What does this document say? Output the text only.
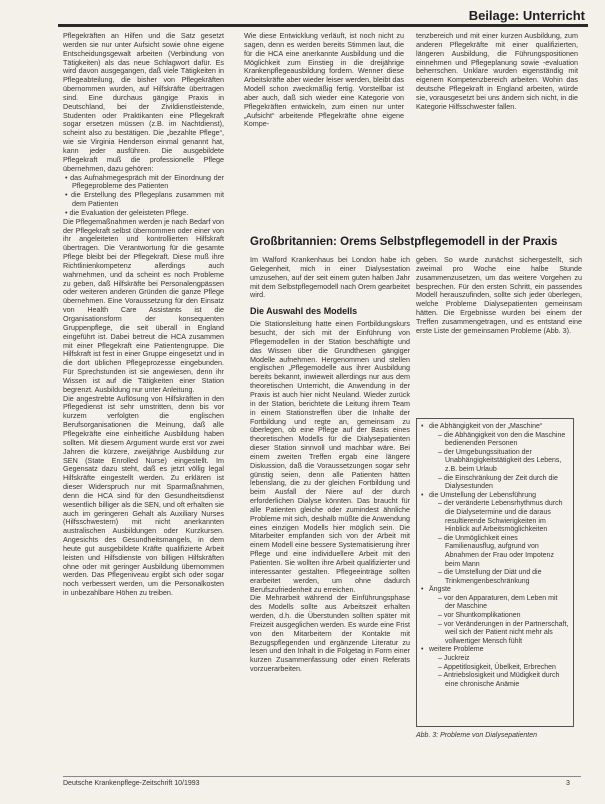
Beilage: Unterricht

Pflegekräften an Hilfen und die Satz gesetzt werden sie nur unter Aufsicht sowie ohne eigene Entscheidungsgewalt arbeiten (Verbindung von Tätigkeiten) als das neue Schlagwort dafür. Es wird davon ausgegangen, daß viele Tätigkeiten in Pflegeabteilung, die bisher von Pflegekräften übernommen wurden, auf Hilfskräfte übertragen sind. Eine durchaus gängige Praxis in Deutschland, bei der Zivildienstleistende, Studenten oder Praktikanten eine Pflegekraft sogar ersetzen müssen (z.B. im Nachtdienst), scheint also zu bestätigen. Die „bezahlte Pflege“, wie sie Virginia Henderson einmal genannt hat, kann jeder ausführen. Die ausgebildete Pflegekraft muß die professionelle Pflege übernehmen, dazu gehören:

• das Aufnahmegespräch mit der Einordnung der Pflegeprobleme des Patienten

• die Erstellung des Pflegeplans zusammen mit dem Patienten

• die Evaluation der geleisteten Pflege.

Die Pflegemaßnahmen werden je nach Bedarf von der Pflegekraft selbst übernommen oder einer von ihr angeleiteten und kontrollierten Hilfskraft übertragen. Die Verantwortung für die gesamte Pflege bleibt bei der Pflegekraft. Diese muß ihre Richtlinienkompetenz allerdings auch wahrnehmen, und da scheint es noch Probleme zu geben, daß Hilfskräfte bei Personalengpässen oder weiteren anderen Gründen die ganze Pflege übernehmen. Eine Voraussetzung für den Einsatz von Health Care Assistants ist die Organisationsform der konsequenten Gruppenpflege, die seit überall in England eingeführt ist. Dabei betreut die HCA zusammen mit einer Pflegekraft eine Patientengruppe. Die Hilfskraft ist fest in einer Gruppe eingesetzt und in die dort üblichen Pflegeprozesse eingebunden. Für Sprechstunden ist sie angewiesen, denn ihr Wissen ist auf die Tätigkeiten einer Station begrenzt. Ausbildung nur unter Anleitung.

Die angestrebte Auflösung von Hilfskräften in den Pflegedienst ist sehr umstritten, denn bis vor kurzem verfolgten die englischen Berufsorganisationen die Meinung, daß alle Pflegekräfte eine einheitliche Ausbildung haben sollten. Mit diesem Argument wurde erst vor zwei Jahren die kürzere, zweijährige Ausbildung zur SEN (State Enrolled Nurse) eingestellt. Im Gegensatz dazu steht, daß es jetzt völlig legal Hilfskräfte eingestellt werden. Zu erklären ist dieser Widerspruch nur mit Sparmaßnahmen, denn die HCA sind für den Gesundheitsdienst wesentlich billiger als die SEN, und oft erhalten sie auch im geringeren Gehalt als Auxiliary Nurses (Hilfsschwestern) mit nicht anerkannten australischen Ausbildungen oder Kurzkursen. Angesichts des Gesundheitsmangels, in dem heute gut ausgebildete Kräfte qualifizierte Arbeit leisten und Hilfsdienste von billigen Hilfskräften ohne oder mit geringer Ausbildung übernommen werden. Das Pflegeniveau ergibt sich oder sogar noch verbessert werden, um die Personalkosten in unbezahlbare Höhen zu treiben.

Wie diese Entwicklung verläuft, ist noch nicht zu sagen, denn es werden bereits Stimmen laut, die für die HCA eine anerkannte Ausbildung und die Möglichkeit zum Einstieg in die dreijährige Krankenpflegeausbildung fordern. Wenner diese Arbeitskräfte aber wieder leiser werden, bleibt das Modell schon zweckmäßig fertig. Vorstellbar ist aber auch, daß sich wieder eine Kategorie von Pflegekräften entwickeln, zum einen nur unter „Aufsicht“ arbeitende Pflegekräfte ohne eigene Kompe-

tenzbereich und mit einer kurzen Ausbildung, zum anderen Pflegekräfte mit einer qualifizierten, längeren Ausbildung, die Führungspositionen einnehmen und Pflegeplanung sowie -evaluation beherrschen. Unklare wurden eigenständig mit eigenem Kompetenzbereich arbeiten. Wohin das deutsche Pflegekraft in England arbeiten, würde sie, vorausgesetzt bei uns ändern sich nicht, in die Kategorie Hilfsschwester fallen.

Großbritannien: Orems Selbstpflegemodell in der Praxis

Im Walford Krankenhaus bei London habe ich Gelegenheit, mich in einer Dialysestation umzusehen, auf der seit einem guten halben Jahr mit dem Selbstpflegemodell nach Orem gearbeitet wird.

Die Auswahl des Modells

Die Stationsleitung hatte einen Fortbildungskurs besucht, der sich mit der Einführung von Pflegemodellen in der Station beschäftigte und das Wissen über die Grundthesen gängiger Modelle aufnehmen. Hergenommen und stellen englischen „Pflegemodelle aus ihrer Ausbildung bereits bekannt, inwieweit allerdings nur aus dem theoretischen Unterricht, die Anwendung in der Praxis ist auch hier nicht Neuland. Wieder zurück in der Station, berichtete die Leitung ihrem Team in einem Stationstreffen über die Inhalte der Fortbildung und regte an, gemeinsam zu überlegen, ob eine Pflege auf der Basis eines theoretischen Modells für die Dialysepatienten dieser Station sinnvoll und machbar wäre. Bei einem zweiten Treffen ergab eine längere Diskussion, daß die Voraussetzungen sogar sehr günstig seien, denn alle Patienten hätten lebenslang, die zu der gleichen Fortbildung und beim Ausfall der Niere auf der durch erforderlichen Dialyse könnten. Das braucht für alle Patienten gleiche oder zumindest ähnliche Probleme mit sich, deshalb müßte die Anwendung eines einzigen Modells hier möglich sein. Die Mitarbeiter empfanden sich von der Arbeit mit einem Modell eine bessere Systematisierung ihrer Pflege und eine individuellere Arbeit mit den Patienten. Sie wollten ihre Arbeit qualifizierter und interessanter gestalten. Pflegeeinträge sollten erarbeitet werden, um ohne dadurch Berufszufriedenheit zu erreichen.

Die Mehrarbeit während der Einführungsphase des Modells sollte aus Arbeitszeit erhalten werden, d.h. die Überstunden sollten später mit Freizeit ausgeglichen werden. Es wurde eine Frist von den Mitarbeitern der Kontakte mit Bezugspflegenden und ergänzende Literatur zu lesen und den Inhalt in die Folgetag in Form einer kurzen Zusammenfassung oder einen Referats vorzuerarbeiten.

geben. So wurde zunächst sichergestellt, sich zweimal pro Woche eine halbe Stunde zusammenzusetzen, um das weitere Vorgehen zu besprechen. Für den ersten Schritt, ein passendes Modell herauszufinden, sollte sich jeder überlegen, welche Probleme Dialysepatienten gemeinsam hätten. Die Ergebnisse wurden bei einem der Treffen zusammengetragen, und es entstand eine erste Liste der gemeinsamen Probleme (Abb. 3).

• die Abhängigkeit von der „Maschine“
– die Abhängigkeit von den die Maschine bedienenden Personen
– der Umgebungssituation der Unabhängigkeitstätigkeit des Lebens, z.B. beim Urlaub
– die Einschränkung der Zeit durch die Dialysestunden
• die Umstellung der Lebensführung
– der veränderte Lebensrhythmus durch die Dialysetermine und die daraus resultierende Schwierigkeiten im Hinblick auf Arbeitsmöglichkeiten
– die Unmöglichkeit eines Familienausflug, aufgrund von Abnahmen der Frau oder Impotenz beim Mann
– die Umstellung der Diät und die Trinkmengenbeschränkung
• Ängste
– vor den Apparaturen, dem Leben mit der Maschine
– vor Shuntkomplikationen
– vor Veränderungen in der Partnerschaft, weil sich der Patient nicht mehr als vollwertiger Mensch fühlt
• weitere Probleme
– Juckreiz
– Appetitlosigkeit, Übelkeit, Erbrechen
– Antriebslosigkeit und Müdigkeit durch eine chronische Anämie
Abb. 3: Probleme von Dialysepatienten
Deutsche Krankenpflege-Zeitschrift 10/1993	3
